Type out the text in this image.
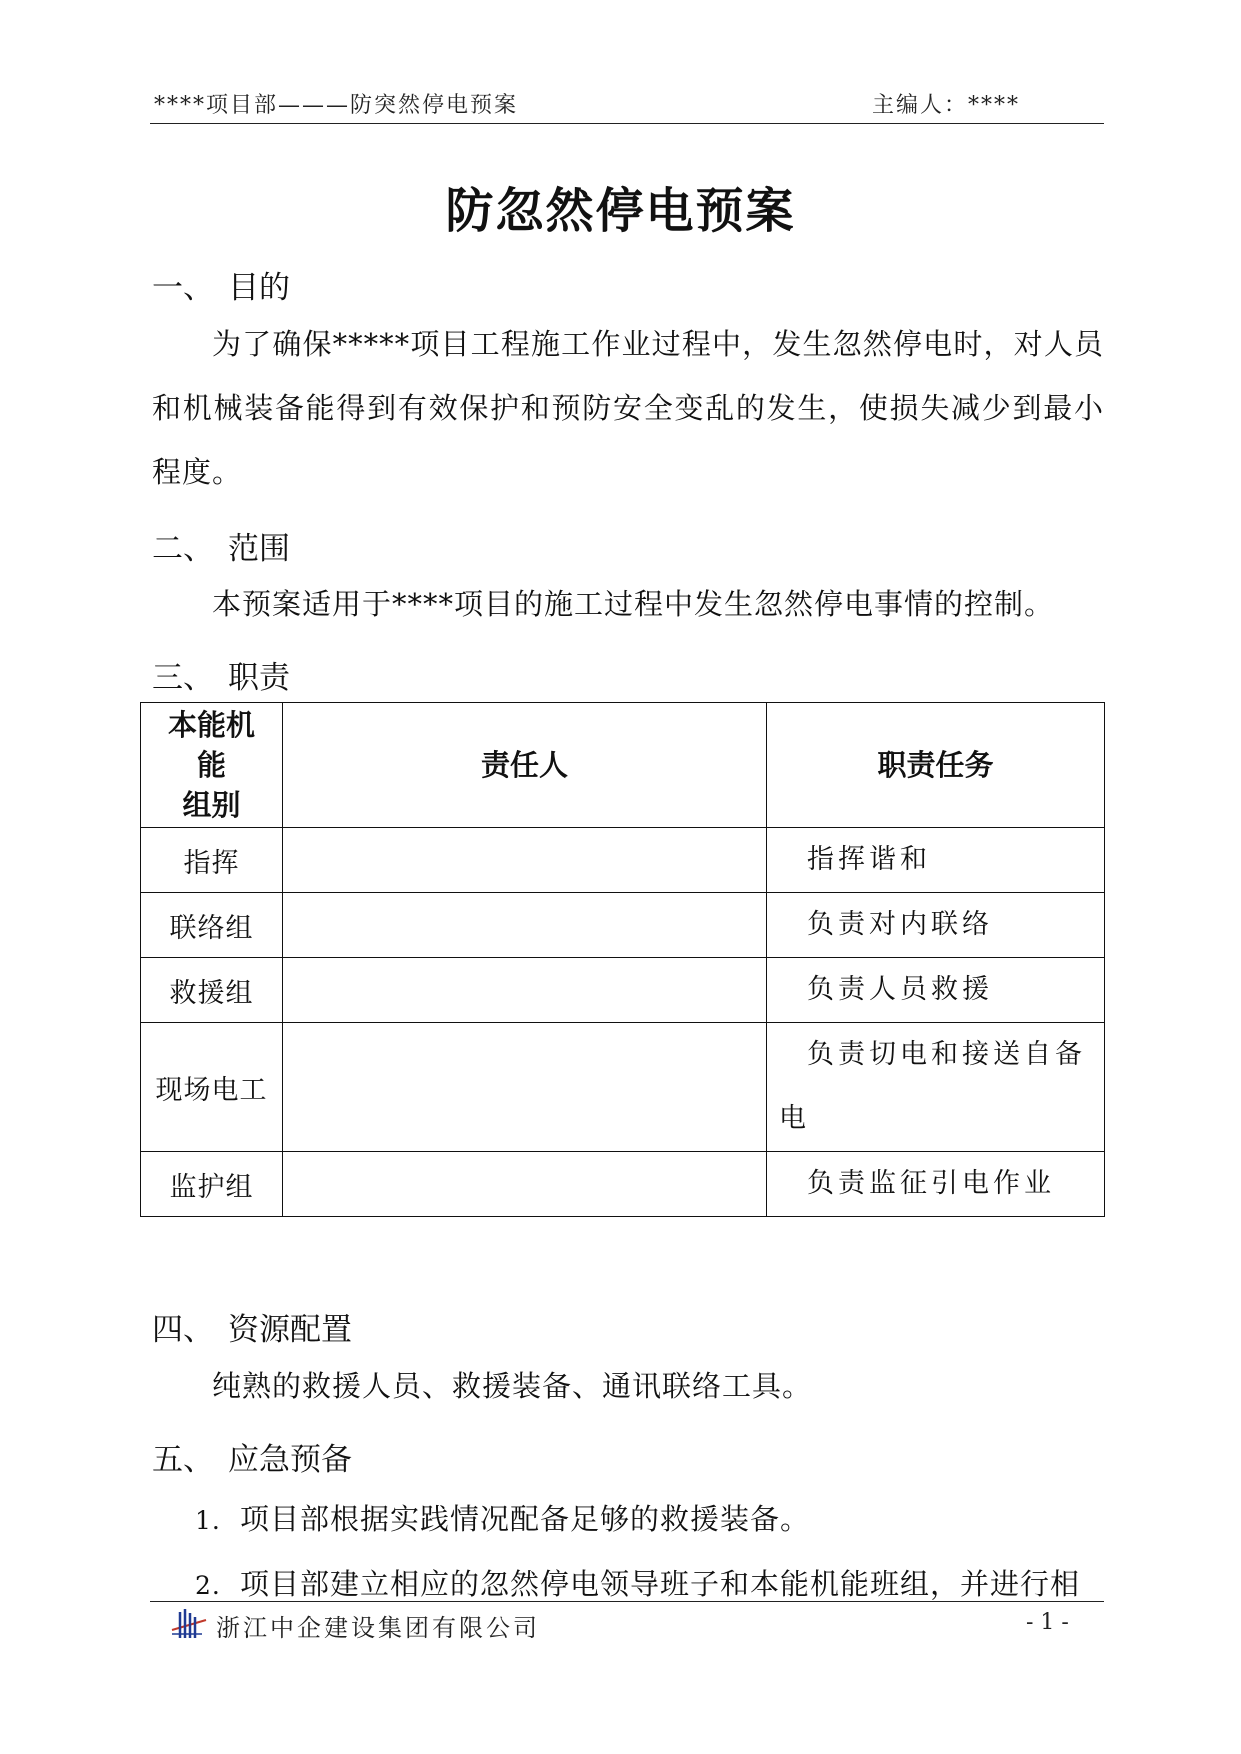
****项目部———防突然停电预案	主编人：****
防忽然停电预案
一、 目的
为了确保*****项目工程施工作业过程中，发生忽然停电时，对人员和机械装备能得到有效保护和预防安全变乱的发生，使损失减少到最小程度。
二、 范围
本预案适用于****项目的施工过程中发生忽然停电事情的控制。
三、 职责
本能机
能
组别	责任人	职责任务
指挥		指挥谐和
联络组		负责对内联络
救援组		负责人员救援
现场电工		负责切电和接送自备电
监护组		负责监征引电作业
四、 资源配置
纯熟的救援人员、救援装备、通讯联络工具。
五、 应急预备
1. 项目部根据实践情况配备足够的救援装备。
2. 项目部建立相应的忽然停电领导班子和本能机能班组，并进行相
浙江中企建设集团有限公司	- 1 -
